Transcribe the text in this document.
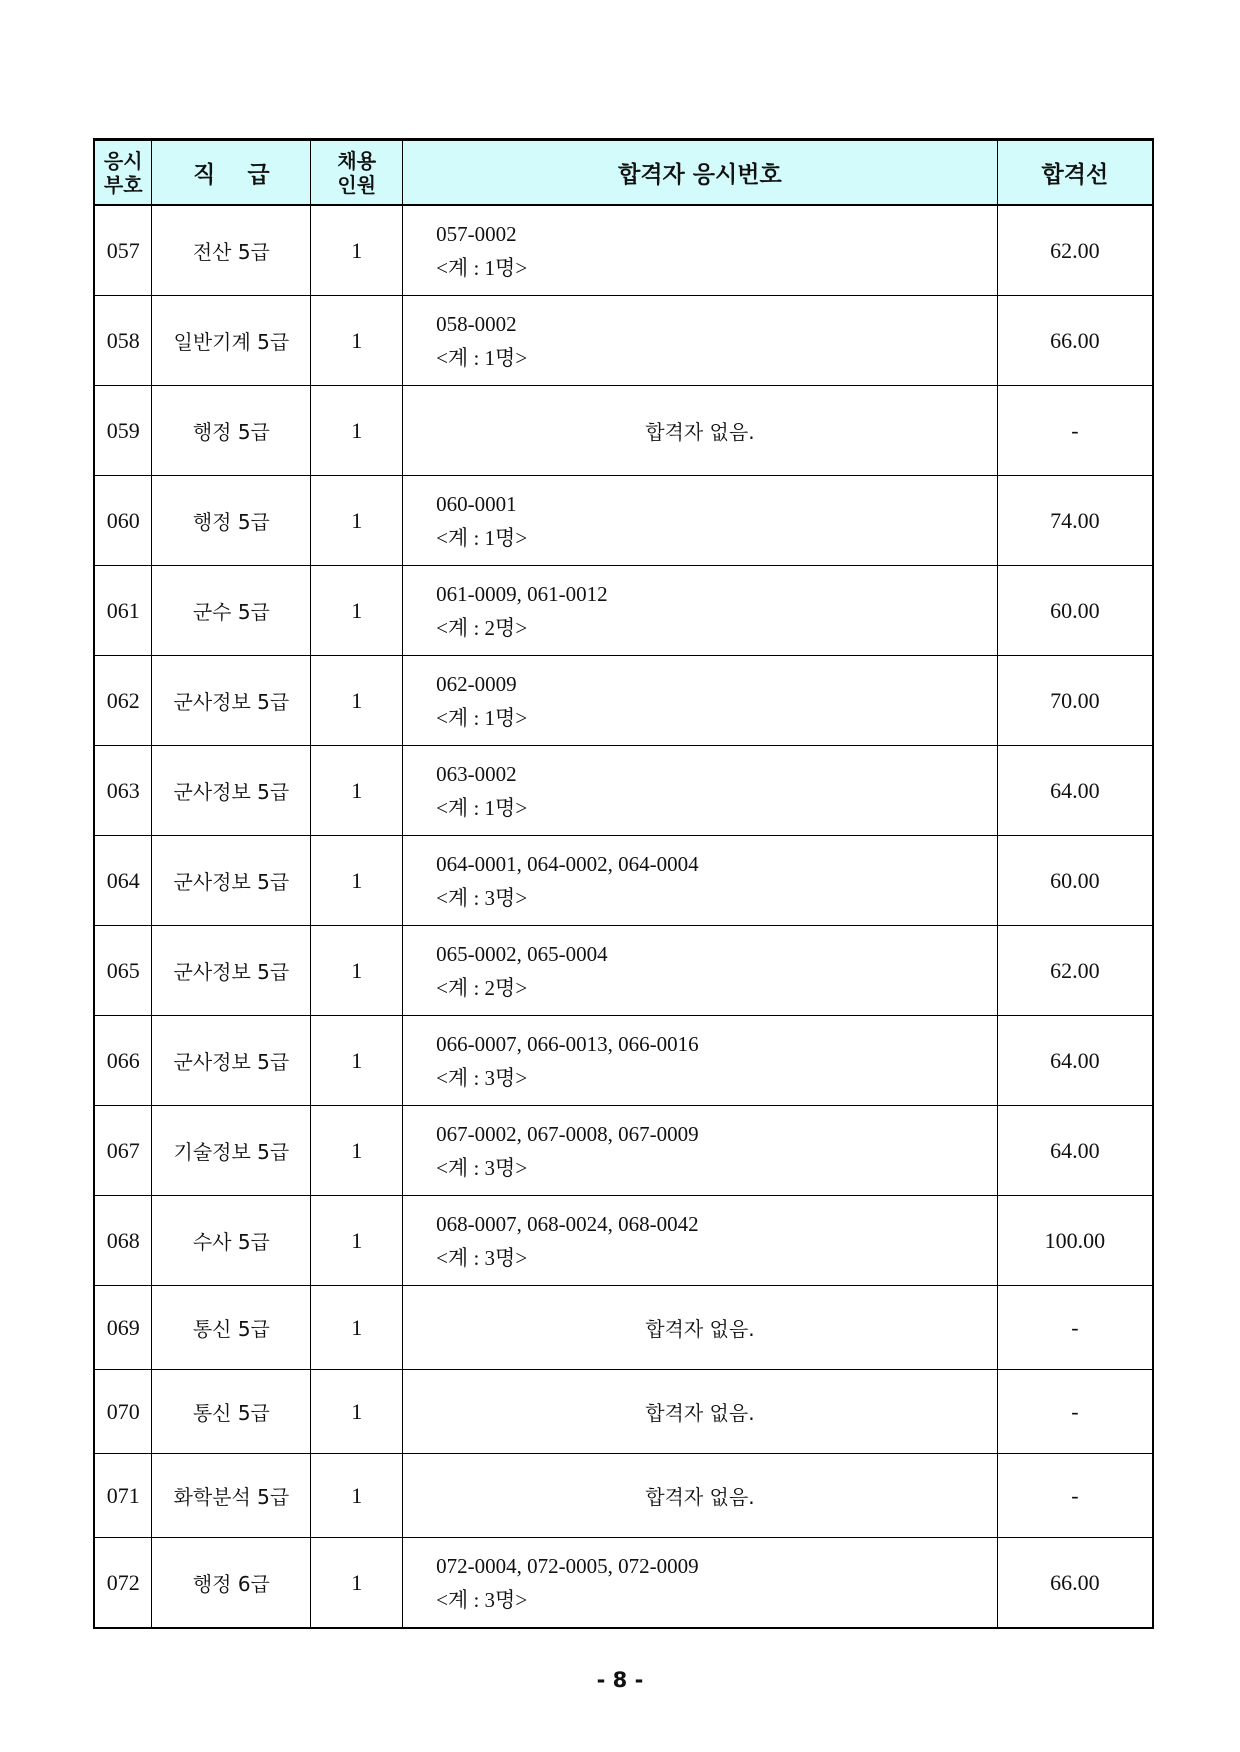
응시
부호	직    급	채용
인원	합격자 응시번호	합격선
057	전산 5급	1	057-0002
<계 : 1명>	62.00
058	일반기계 5급	1	058-0002
<계 : 1명>	66.00
059	행정 5급	1	합격자 없음.	-
060	행정 5급	1	060-0001
<계 : 1명>	74.00
061	군수 5급	1	061-0009, 061-0012
<계 : 2명>	60.00
062	군사정보 5급	1	062-0009
<계 : 1명>	70.00
063	군사정보 5급	1	063-0002
<계 : 1명>	64.00
064	군사정보 5급	1	064-0001, 064-0002, 064-0004
<계 : 3명>	60.00
065	군사정보 5급	1	065-0002, 065-0004
<계 : 2명>	62.00
066	군사정보 5급	1	066-0007, 066-0013, 066-0016
<계 : 3명>	64.00
067	기술정보 5급	1	067-0002, 067-0008, 067-0009
<계 : 3명>	64.00
068	수사 5급	1	068-0007, 068-0024, 068-0042
<계 : 3명>	100.00
069	통신 5급	1	합격자 없음.	-
070	통신 5급	1	합격자 없음.	-
071	화학분석 5급	1	합격자 없음.	-
072	행정 6급	1	072-0004, 072-0005, 072-0009
<계 : 3명>	66.00
- 8 -
